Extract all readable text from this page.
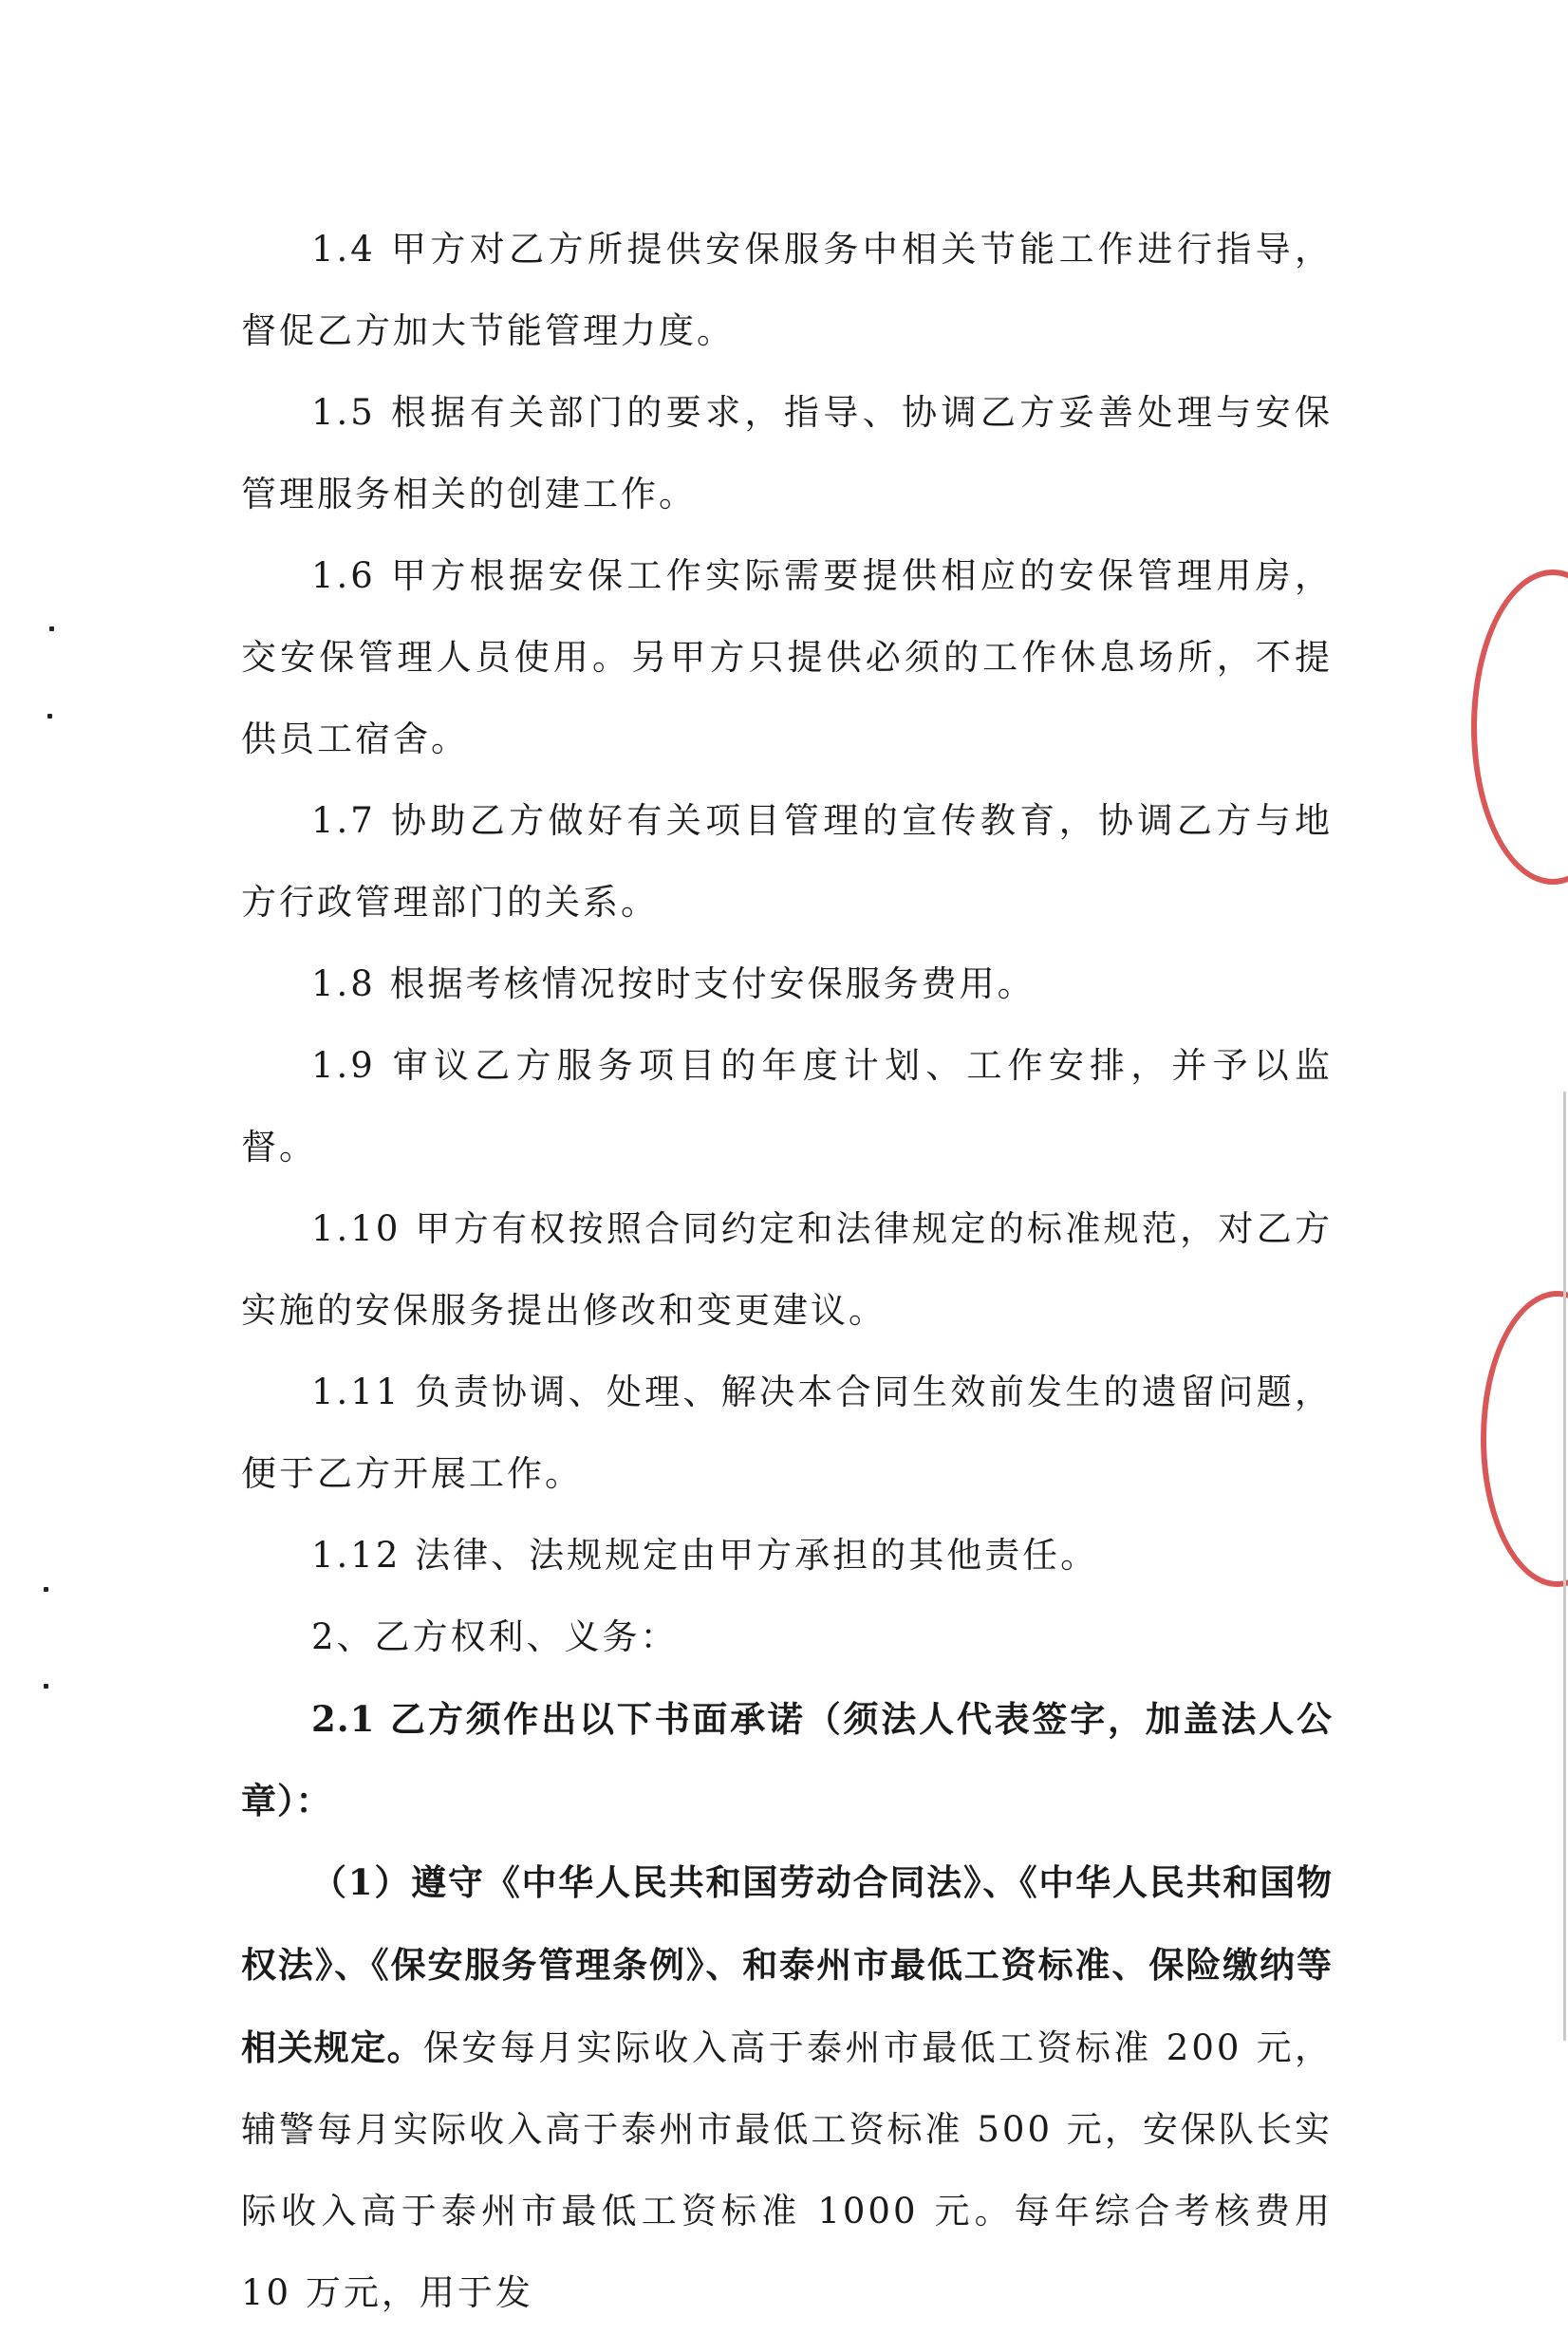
1.4 甲方对乙方所提供安保服务中相关节能工作进行指导，督促乙方加大节能管理力度。

1.5 根据有关部门的要求，指导、协调乙方妥善处理与安保管理服务相关的创建工作。

1.6 甲方根据安保工作实际需要提供相应的安保管理用房，交安保管理人员使用。另甲方只提供必须的工作休息场所，不提供员工宿舍。

1.7 协助乙方做好有关项目管理的宣传教育，协调乙方与地方行政管理部门的关系。

1.8 根据考核情况按时支付安保服务费用。

1.9 审议乙方服务项目的年度计划、工作安排，并予以监督。

1.10 甲方有权按照合同约定和法律规定的标准规范，对乙方实施的安保服务提出修改和变更建议。

1.11 负责协调、处理、解决本合同生效前发生的遗留问题，便于乙方开展工作。

1.12 法律、法规规定由甲方承担的其他责任。

2、乙方权利、义务：

2.1 乙方须作出以下书面承诺（须法人代表签字，加盖法人公章）：

（1）遵守《中华人民共和国劳动合同法》、《中华人民共和国物权法》、《保安服务管理条例》、和泰州市最低工资标准、保险缴纳等相关规定。保安每月实际收入高于泰州市最低工资标准 200 元，辅警每月实际收入高于泰州市最低工资标准 500 元，安保队长实际收入高于泰州市最低工资标准 1000 元。每年综合考核费用 10 万元，用于发
